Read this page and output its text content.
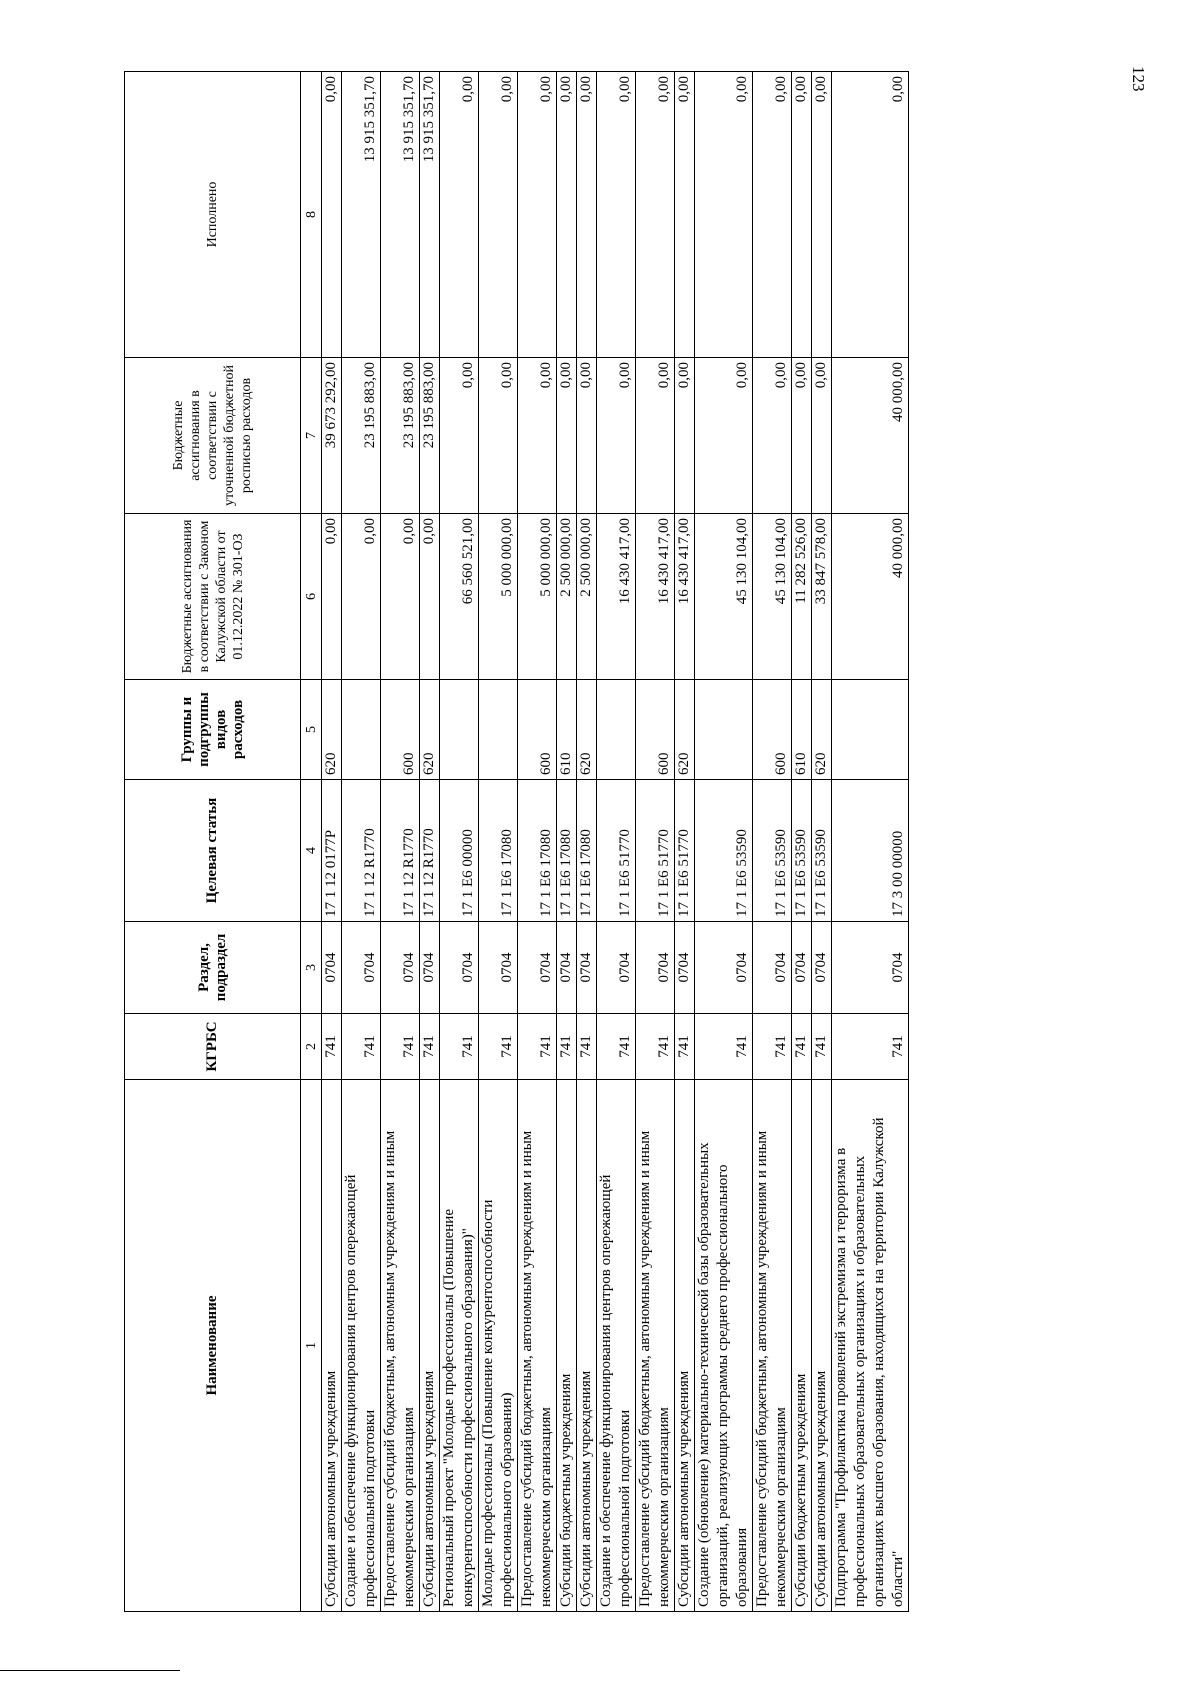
123
Наименование	КГРБС	Раздел, подраздел	Целевая статья	Группы и подгруппы видов расходов	Бюджетные ассигнования в соответствии с Законом Калужской области от 01.12.2022 № 301-ОЗ	Бюджетные ассигнования в соответствии с уточненной бюджетной росписью расходов	Исполнено
1	2	3	4	5	6	7	8
Субсидии автономным учреждениям	741	0704	17 1 12 0177P	620	0,00	39 673 292,00	0,00
Создание и обеспечение функционирования центров опережающей профессиональной подготовки	741	0704	17 1 12 R1770		0,00	23 195 883,00	13 915 351,70
Предоставление субсидий бюджетным, автономным учреждениям и иным некоммерческим организациям	741	0704	17 1 12 R1770	600	0,00	23 195 883,00	13 915 351,70
Субсидии автономным учреждениям	741	0704	17 1 12 R1770	620	0,00	23 195 883,00	13 915 351,70
Региональный проект "Молодые профессионалы (Повышение конкурентоспособности профессионального образования)"	741	0704	17 1 E6 00000		66 560 521,00	0,00	0,00
Молодые профессионалы (Повышение конкурентоспособности профессионального образования)	741	0704	17 1 E6 17080		5 000 000,00	0,00	0,00
Предоставление субсидий бюджетным, автономным учреждениям и иным некоммерческим организациям	741	0704	17 1 E6 17080	600	5 000 000,00	0,00	0,00
Субсидии бюджетным учреждениям	741	0704	17 1 E6 17080	610	2 500 000,00	0,00	0,00
Субсидии автономным учреждениям	741	0704	17 1 E6 17080	620	2 500 000,00	0,00	0,00
Создание и обеспечение функционирования центров опережающей профессиональной подготовки	741	0704	17 1 E6 51770		16 430 417,00	0,00	0,00
Предоставление субсидий бюджетным, автономным учреждениям и иным некоммерческим организациям	741	0704	17 1 E6 51770	600	16 430 417,00	0,00	0,00
Субсидии автономным учреждениям	741	0704	17 1 E6 51770	620	16 430 417,00	0,00	0,00
Создание (обновление) материально-технической базы образовательных организаций, реализующих программы среднего профессионального образования	741	0704	17 1 E6 53590		45 130 104,00	0,00	0,00
Предоставление субсидий бюджетным, автономным учреждениям и иным некоммерческим организациям	741	0704	17 1 E6 53590	600	45 130 104,00	0,00	0,00
Субсидии бюджетным учреждениям	741	0704	17 1 E6 53590	610	11 282 526,00	0,00	0,00
Субсидии автономным учреждениям	741	0704	17 1 E6 53590	620	33 847 578,00	0,00	0,00
Подпрограмма "Профилактика проявлений экстремизма и терроризма в профессиональных образовательных организациях и образовательных организациях высшего образования, находящихся на территории Калужской области"	741	0704	17 3 00 00000		40 000,00	40 000,00	0,00
